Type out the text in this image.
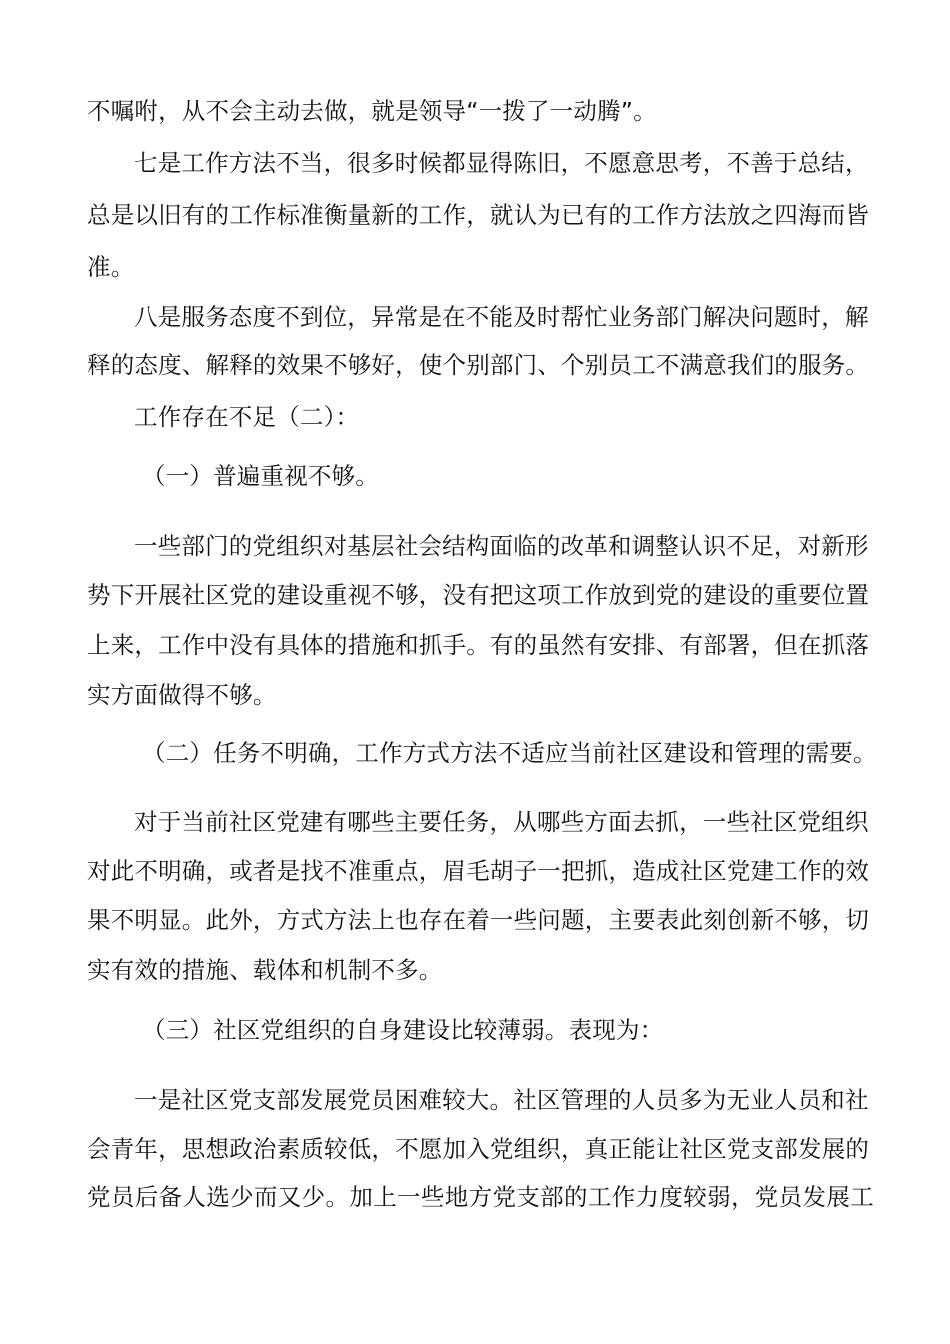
不嘱咐，从不会主动去做，就是领导“一拨了一动腾”。
七是工作方法不当，很多时候都显得陈旧，不愿意思考，不善于总结，
总是以旧有的工作标准衡量新的工作，就认为已有的工作方法放之四海而皆
准。
八是服务态度不到位，异常是在不能及时帮忙业务部门解决问题时，解
释的态度、解释的效果不够好，使个别部门、个别员工不满意我们的服务。
工作存在不足（二）：
（一）普遍重视不够。
一些部门的党组织对基层社会结构面临的改革和调整认识不足，对新形
势下开展社区党的建设重视不够，没有把这项工作放到党的建设的重要位置
上来，工作中没有具体的措施和抓手。有的虽然有安排、有部署，但在抓落
实方面做得不够。
（二）任务不明确，工作方式方法不适应当前社区建设和管理的需要。
对于当前社区党建有哪些主要任务，从哪些方面去抓，一些社区党组织
对此不明确，或者是找不准重点，眉毛胡子一把抓，造成社区党建工作的效
果不明显。此外，方式方法上也存在着一些问题，主要表此刻创新不够，切
实有效的措施、载体和机制不多。
（三）社区党组织的自身建设比较薄弱。表现为：
一是社区党支部发展党员困难较大。社区管理的人员多为无业人员和社
会青年，思想政治素质较低，不愿加入党组织，真正能让社区党支部发展的
党员后备人选少而又少。加上一些地方党支部的工作力度较弱，党员发展工
